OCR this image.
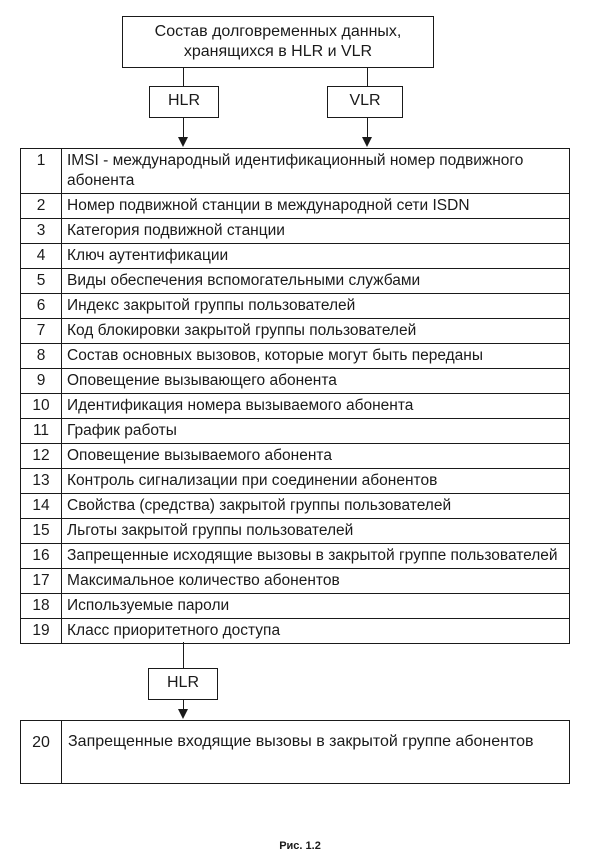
Состав долговременных данных,
хранящихся в HLR и VLR
HLR	VLR
1	IMSI - международный идентификационный номер подвижного абонента
2	Номер подвижной станции в международной сети ISDN
3	Категория подвижной станции
4	Ключ аутентификации
5	Виды обеспечения вспомогательными службами
6	Индекс закрытой группы пользователей
7	Код блокировки закрытой группы пользователей
8	Состав основных вызовов, которые могут быть переданы
9	Оповещение вызывающего абонента
10	Идентификация номера вызываемого абонента
11	График работы
12	Оповещение вызываемого абонента
13	Контроль сигнализации при соединении абонентов
14	Свойства (средства) закрытой группы пользователей
15	Льготы закрытой группы пользователей
16	Запрещенные исходящие вызовы в закрытой группе пользователей
17	Максимальное количество абонентов
18	Используемые пароли
19	Класс приоритетного доступа
HLR
20	Запрещенные входящие вызовы в закрытой группе абонентов
Рис. 1.2
